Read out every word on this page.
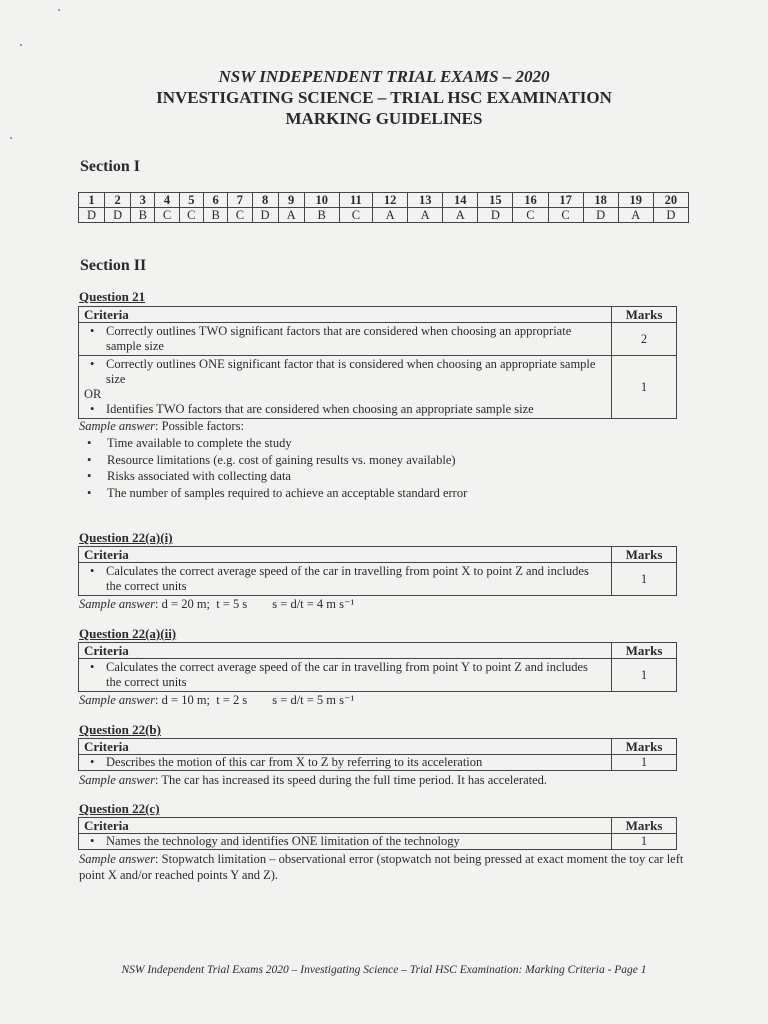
NSW INDEPENDENT TRIAL EXAMS – 2020
INVESTIGATING SCIENCE – TRIAL HSC EXAMINATION
MARKING GUIDELINES
Section I
1	2	3	4	5	6	7	8	9	10	11	12	13	14	15	16	17	18	19	20
D	D	B	C	C	B	C	D	A	B	C	A	A	A	D	C	C	D	A	D
Section II
Question 21
Criteria	Marks

• Correctly outlines TWO significant factors that are considered when choosing an appropriate sample size	2

• Correctly outlines ONE significant factor that is considered when choosing an appropriate sample size
OR
• Identifies TWO factors that are considered when choosing an appropriate sample size	1
Sample answer: Possible factors:
• Time available to complete the study
• Resource limitations (e.g. cost of gaining results vs. money available)
• Risks associated with collecting data
• The number of samples required to achieve an acceptable standard error
Question 22(a)(i)
Criteria	Marks

• Calculates the correct average speed of the car in travelling from point X to point Z and includes the correct units	1
Sample answer: d = 20 m;  t = 5 s        s = d/t = 4 m s⁻¹
Question 22(a)(ii)
Criteria	Marks

• Calculates the correct average speed of the car in travelling from point Y to point Z and includes the correct units	1
Sample answer: d = 10 m;  t = 2 s        s = d/t = 5 m s⁻¹
Question 22(b)
Criteria	Marks

• Describes the motion of this car from X to Z by referring to its acceleration	1
Sample answer: The car has increased its speed during the full time period. It has accelerated.
Question 22(c)
Criteria	Marks

• Names the technology and identifies ONE limitation of the technology	1
Sample answer: Stopwatch limitation – observational error (stopwatch not being pressed at exact moment the toy car left point X and/or reached points Y and Z).
NSW Independent Trial Exams 2020 – Investigating Science – Trial HSC Examination: Marking Criteria - Page 1
